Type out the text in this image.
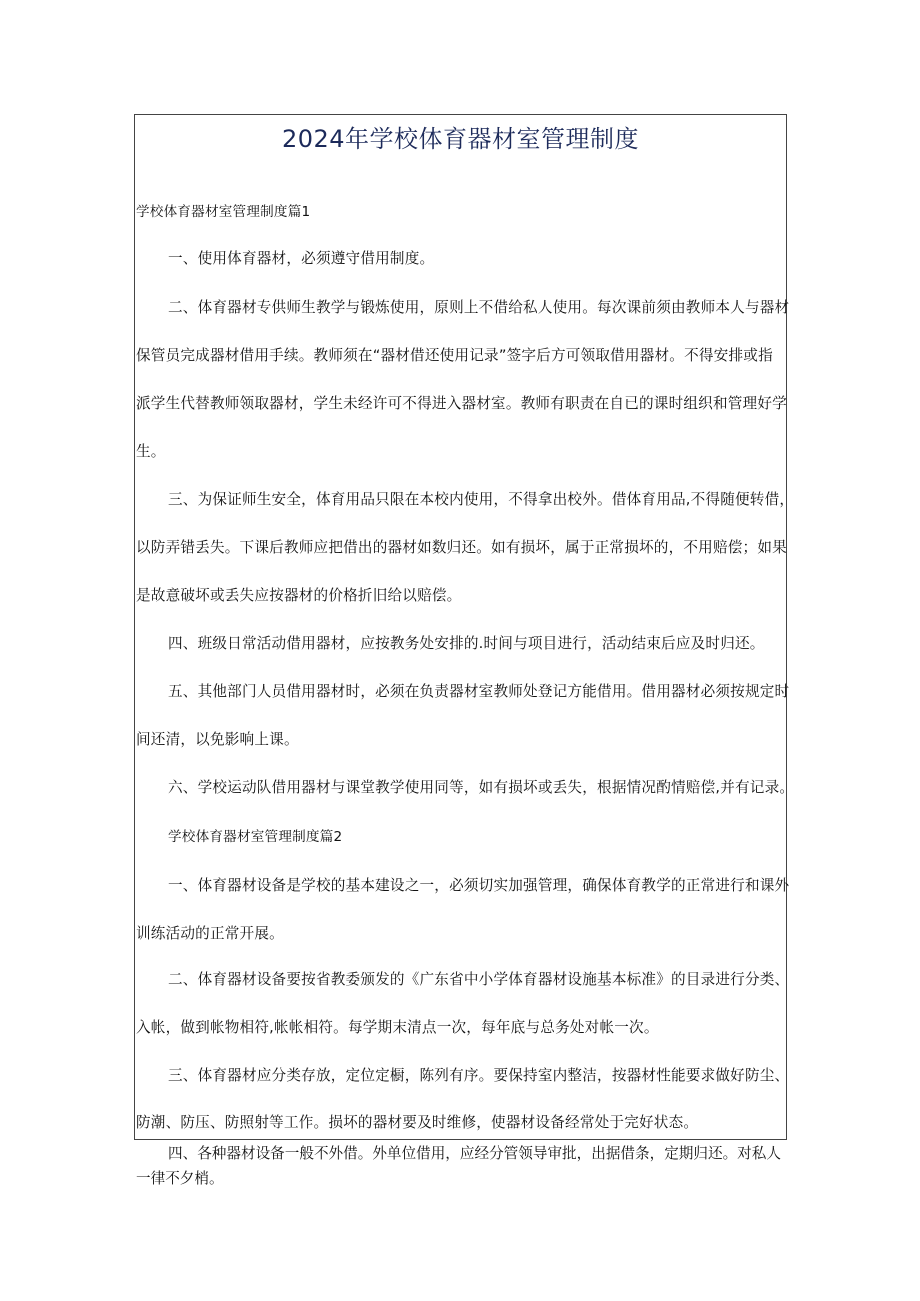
2024年学校体育器材室管理制度
学校体育器材室管理制度篇1
一、使用体育器材，必须遵守借用制度。
二、体育器材专供师生教学与锻炼使用，原则上不借给私人使用。每次课前须由教师本人与器材
保管员完成器材借用手续。教师须在“器材借还使用记录”签字后方可领取借用器材。不得安排或指
派学生代替教师领取器材，学生未经许可不得进入器材室。教师有职责在自已的课时组织和管理好学
生。
三、为保证师生安全，体育用品只限在本校内使用，不得拿出校外。借体育用品,不得随便转借，
以防弄错丢失。下课后教师应把借出的器材如数归还。如有损坏，属于正常损坏的，不用赔偿；如果
是故意破坏或丢失应按器材的价格折旧给以赔偿。
四、班级日常活动借用器材，应按教务处安排的.时间与项目进行，活动结束后应及时归还。
五、其他部门人员借用器材时，必须在负责器材室教师处登记方能借用。借用器材必须按规定时
间还清，以免影响上课。
六、学校运动队借用器材与课堂教学使用同等，如有损坏或丢失，根据情况酌情赔偿,并有记录。
学校体育器材室管理制度篇2
一、体育器材设备是学校的基本建设之一，必须切实加强管理，确保体育教学的正常进行和课外
训练活动的正常开展。
二、体育器材设备要按省教委颁发的《广东省中小学体育器材设施基本标准》的目录进行分类、
入帐，做到帐物相符,帐帐相符。每学期末清点一次，每年底与总务处对帐一次。
三、体育器材应分类存放，定位定橱，陈列有序。要保持室内整洁，按器材性能要求做好防尘、
防潮、防压、防照射等工作。损坏的器材要及时维修，使器材设备经常处于完好状态。
四、各种器材设备一般不外借。外单位借用，应经分管领导审批，出据借条，定期归还。对私人
一律不夕梢。
